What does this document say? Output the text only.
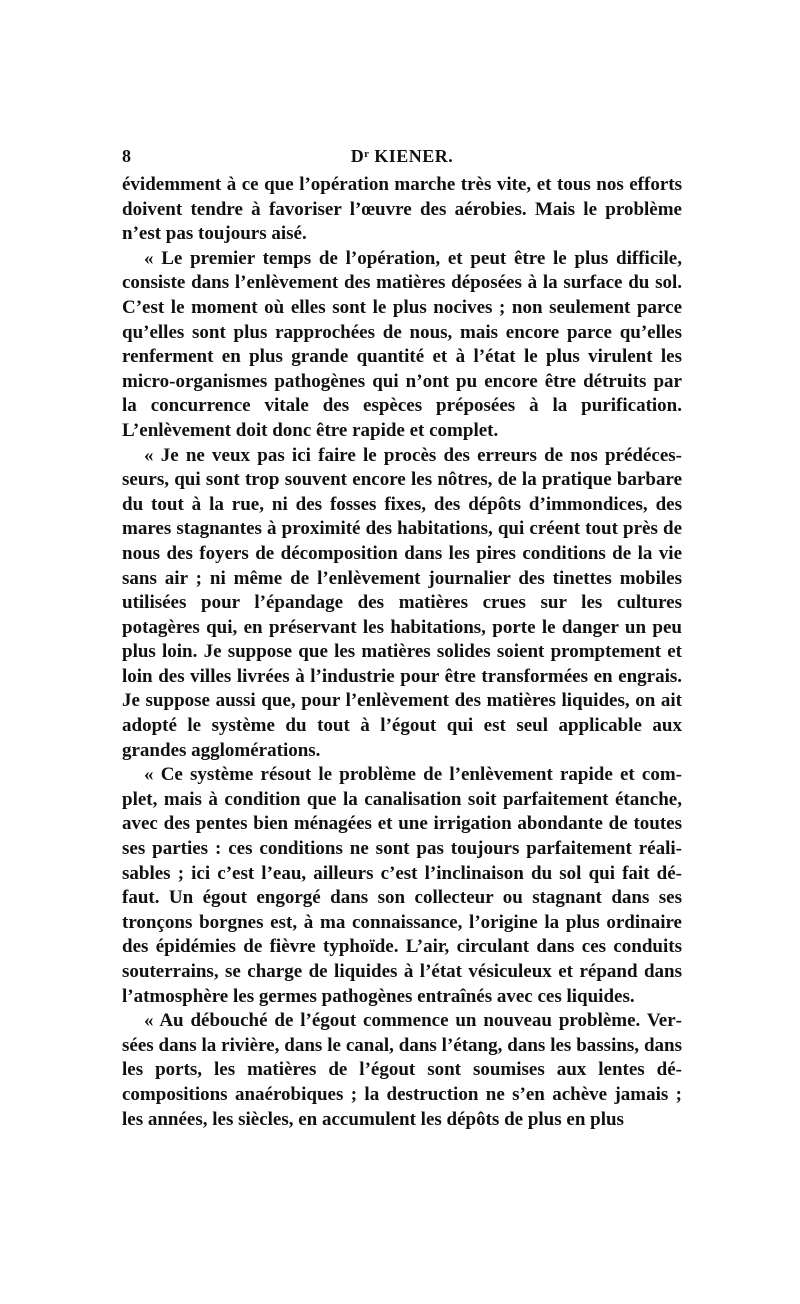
8	Dʳ KIENER.

évidemment à ce que l’opération marche très vite, et tous nos efforts doivent tendre à favoriser l’œuvre des aérobies. Mais le problème n’est pas toujours aisé.

« Le premier temps de l’opération, et peut être le plus difficile, consiste dans l’enlèvement des matières déposées à la surface du sol. C’est le moment où elles sont le plus nocives ; non seulement parce qu’elles sont plus rapprochées de nous, mais encore parce qu’elles renferment en plus grande quantité et à l’état le plus virulent les micro-organismes pathogènes qui n’ont pu encore être détruits par la concurrence vitale des espèces préposées à la purification. L’enlèvement doit donc être rapide et complet.

« Je ne veux pas ici faire le procès des erreurs de nos prédécesseurs, qui sont trop souvent encore les nôtres, de la pratique barbare du tout à la rue, ni des fosses fixes, des dépôts d’immondices, des mares stagnantes à proximité des habitations, qui créent tout près de nous des foyers de décomposition dans les pires conditions de la vie sans air ; ni même de l’enlèvement journalier des tinettes mobiles utilisées pour l’épandage des matières crues sur les cultures potagères qui, en préservant les habitations, porte le danger un peu plus loin. Je suppose que les matières solides soient promptement et loin des villes livrées à l’industrie pour être transformées en engrais. Je suppose aussi que, pour l’enlèvement des matières liquides, on ait adopté le système du tout à l’égout qui est seul applicable aux grandes agglomérations.

« Ce système résout le problème de l’enlèvement rapide et complet, mais à condition que la canalisation soit parfaitement étanche, avec des pentes bien ménagées et une irrigation abondante de toutes ses parties : ces conditions ne sont pas toujours parfaitement réalisables ; ici c’est l’eau, ailleurs c’est l’inclinaison du sol qui fait défaut. Un égout engorgé dans son collecteur ou stagnant dans ses tronçons borgnes est, à ma connaissance, l’origine la plus ordinaire des épidémies de fièvre typhoïde. L’air, circulant dans ces conduits souterrains, se charge de liquides à l’état vésiculeux et répand dans l’atmosphère les germes pathogènes entraînés avec ces liquides.

« Au débouché de l’égout commence un nouveau problème. Versées dans la rivière, dans le canal, dans l’étang, dans les bassins, dans les ports, les matières de l’égout sont soumises aux lentes décompositions anaérobiques ; la destruction ne s’en achève jamais ; les années, les siècles, en accumulent les dépôts de plus en plus
